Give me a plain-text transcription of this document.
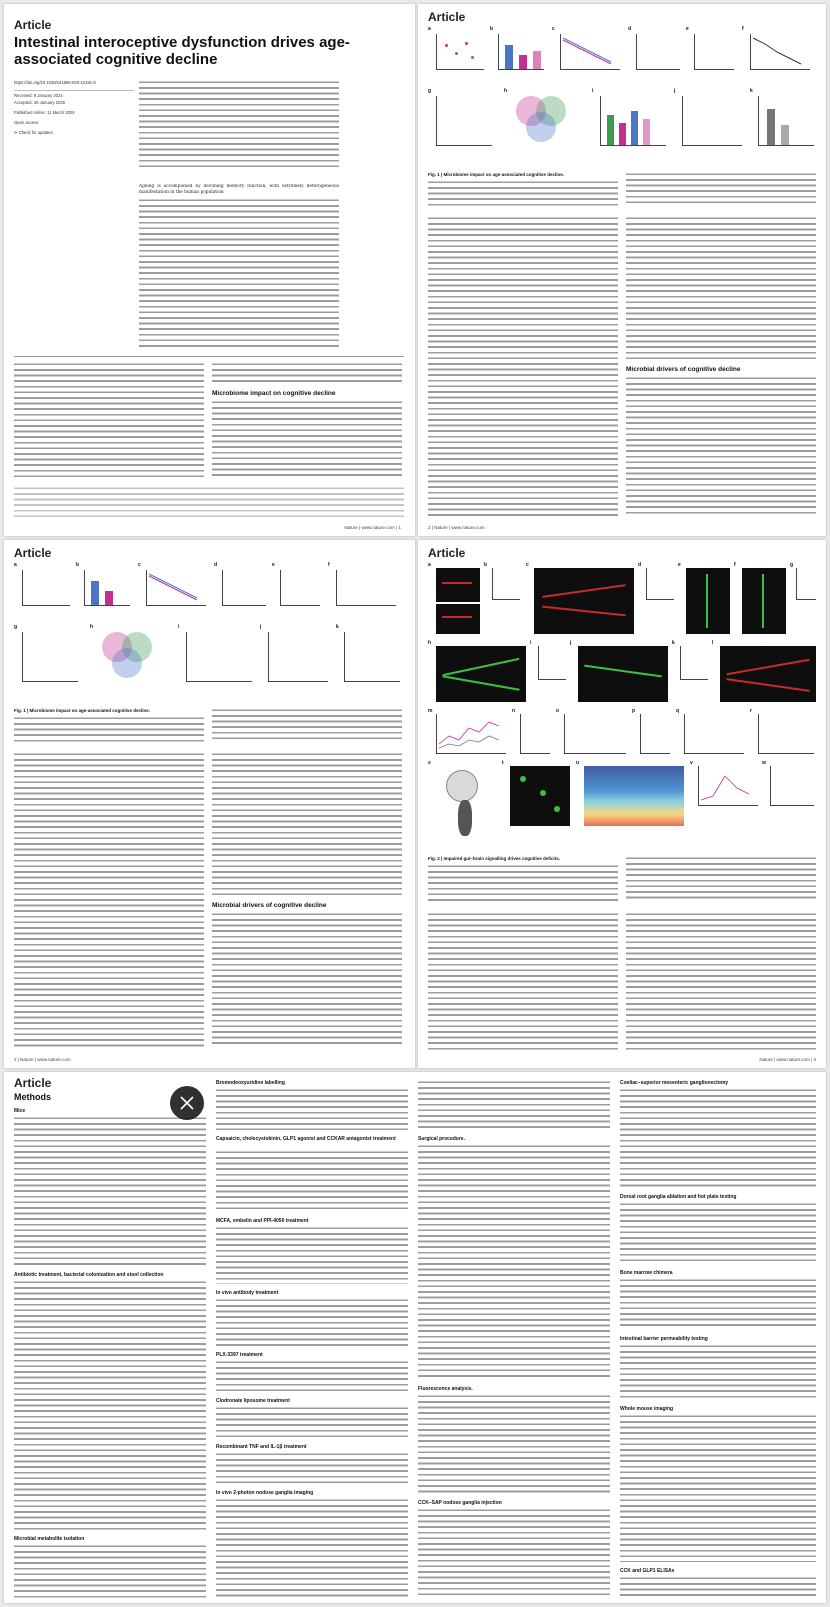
Article
Intestinal interoceptive dysfunction drives age-associated cognitive decline
https://doi.org/10.1038/s41586-026-10191-6
Received: 9 January 2024
Accepted: 26 January 2026
Published online: 11 March 2026
Open access
⟳ Check for updates
Ageing is accompanied by declining memory function, with extremely heterogeneous manifestation in the human population
Microbiome impact on cognitive decline
Nature | www.nature.com | 1
Article
a	b	c	d	e	f
g	h	i	j	k
Fig. 1 | Microbiome impact on age-associated cognitive decline.
Microbial drivers of cognitive decline
2 | Nature | www.nature.com
Article
a	b	c	d	e	f
g	h	i	j	k
Fig. 1 | Microbiome impact on age-associated cognitive decline.
Microbial drivers of cognitive decline
2 | Nature | www.nature.com
Article
a	b	c	d	e	f	g
h	i	j	k	l
m	n	o	p	q	r
s	t	u	v	w
Fig. 2 | Impaired gut–brain signalling drives cognitive deficits.
Nature | www.nature.com | 4
Article
Methods
Mice
Antibiotic treatment, bacterial colonization and stool collection
Microbial metabolite isolation
Bromodeoxyuridine labelling
Capsaicin, cholecystokinin, GLP1 agonist and CCKAR antagonist treatment
MCFA, embelin and PPI-4050 treatment
In vivo antibody treatment
PLX-3397 treatment
Clodronate liposome treatment
Recombinant TNF and IL-1β treatment
In vivo 2-photon nodose ganglia imaging
Surgical procedure.
Fluorescence analysis.
CCK–SAP nodose ganglia injection
Coeliac–superior mesenteric ganglionectomy
Dorsal root ganglia ablation and hot plate testing
Bone marrow chimera
Intestinal barrier permeability testing
Whole mouse imaging
CCK and GLP1 ELISAs
